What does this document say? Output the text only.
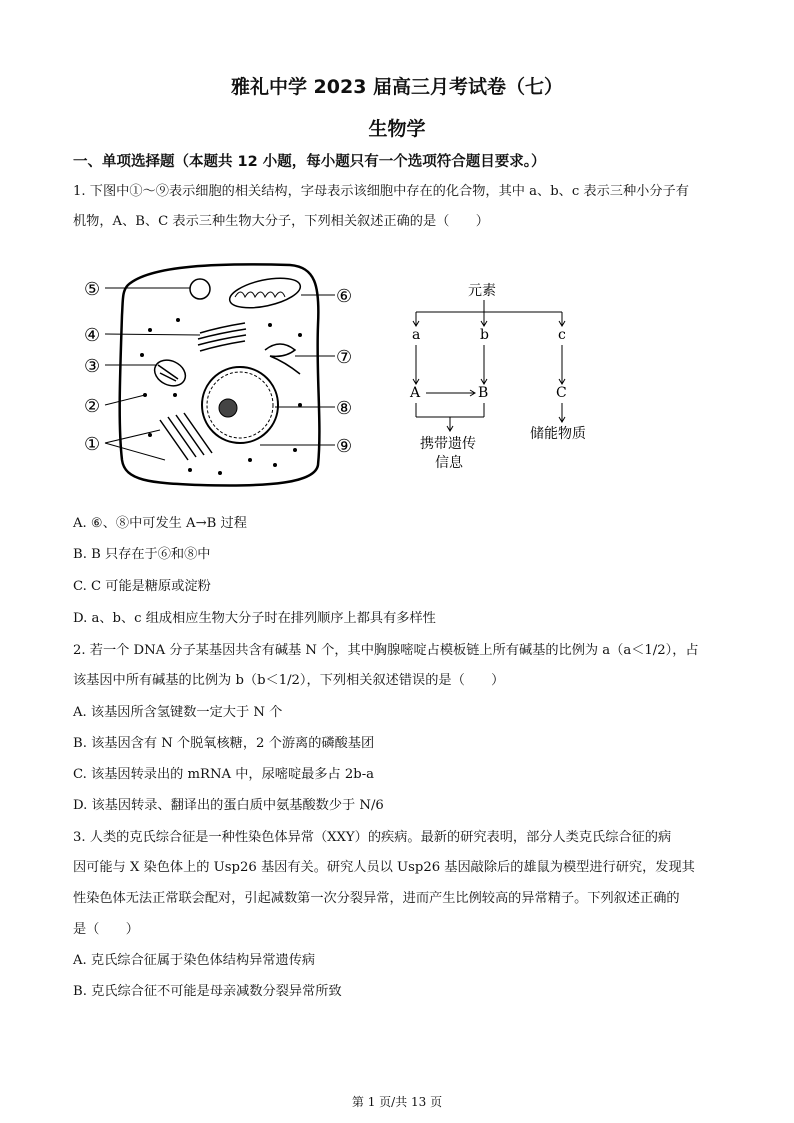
雅礼中学 2023 届高三月考试卷（七）
生物学
一、单项选择题（本题共 12 小题，每小题只有一个选项符合题目要求。）
1. 下图中①～⑨表示细胞的相关结构，字母表示该细胞中存在的化合物，其中 a、b、c 表示三种小分子有
机物，A、B、C 表示三种生物大分子，下列相关叙述正确的是（　　）
⑤
④
③
②
①
⑥
⑦
⑧
⑨
元素
a	b	c
A	B	C
携带遗传
信息
储能物质
A. ⑥、⑧中可发生 A→B 过程
B. B 只存在于⑥和⑧中
C. C 可能是糖原或淀粉
D. a、b、c 组成相应生物大分子时在排列顺序上都具有多样性
2. 若一个 DNA 分子某基因共含有碱基 N 个，其中胸腺嘧啶占模板链上所有碱基的比例为 a（a＜1/2），占
该基因中所有碱基的比例为 b（b＜1/2），下列相关叙述错误的是（　　）
A. 该基因所含氢键数一定大于 N 个
B. 该基因含有 N 个脱氧核糖，2 个游离的磷酸基团
C. 该基因转录出的 mRNA 中，尿嘧啶最多占 2b-a
D. 该基因转录、翻译出的蛋白质中氨基酸数少于 N/6
3. 人类的克氏综合征是一种性染色体异常（XXY）的疾病。最新的研究表明，部分人类克氏综合征的病
因可能与 X 染色体上的 Usp26 基因有关。研究人员以 Usp26 基因敲除后的雄鼠为模型进行研究，发现其
性染色体无法正常联会配对，引起减数第一次分裂异常，进而产生比例较高的异常精子。下列叙述正确的
是（　　）
A. 克氏综合征属于染色体结构异常遗传病
B. 克氏综合征不可能是母亲减数分裂异常所致
第 1 页/共 13 页
